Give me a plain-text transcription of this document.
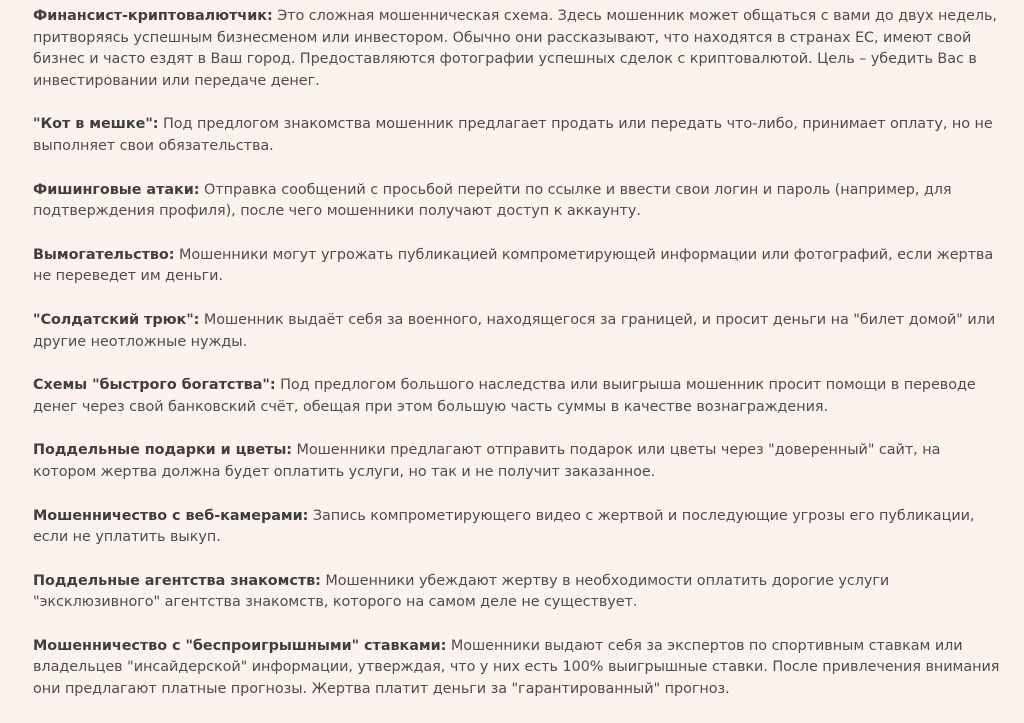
Финансист-криптовалютчик: Это сложная мошенническая схема. Здесь мошенник может общаться с вами до двух недель, притворяясь успешным бизнесменом или инвестором. Обычно они рассказывают, что находятся в странах ЕС, имеют свой бизнес и часто ездят в Ваш город. Предоставляются фотографии успешных сделок с криптовалютой. Цель – убедить Вас в инвестировании или передаче денег.

"Кот в мешке": Под предлогом знакомства мошенник предлагает продать или передать что-либо, принимает оплату, но не выполняет свои обязательства.

Фишинговые атаки: Отправка сообщений с просьбой перейти по ссылке и ввести свои логин и пароль (например, для подтверждения профиля), после чего мошенники получают доступ к аккаунту.

Вымогательство: Мошенники могут угрожать публикацией компрометирующей информации или фотографий, если жертва не переведет им деньги.

"Солдатский трюк": Мошенник выдаёт себя за военного, находящегося за границей, и просит деньги на "билет домой" или другие неотложные нужды.

Схемы "быстрого богатства": Под предлогом большого наследства или выигрыша мошенник просит помощи в переводе денег через свой банковский счёт, обещая при этом большую часть суммы в качестве вознаграждения.

Поддельные подарки и цветы: Мошенники предлагают отправить подарок или цветы через "доверенный" сайт, на котором жертва должна будет оплатить услуги, но так и не получит заказанное.

Мошенничество с веб-камерами: Запись компрометирующего видео с жертвой и последующие угрозы его публикации, если не уплатить выкуп.

Поддельные агентства знакомств: Мошенники убеждают жертву в необходимости оплатить дорогие услуги "эксклюзивного" агентства знакомств, которого на самом деле не существует.

Мошенничество с "беспроигрышными" ставками: Мошенники выдают себя за экспертов по спортивным ставкам или владельцев "инсайдерской" информации, утверждая, что у них есть 100% выигрышные ставки. После привлечения внимания они предлагают платные прогнозы. Жертва платит деньги за "гарантированный" прогноз.
